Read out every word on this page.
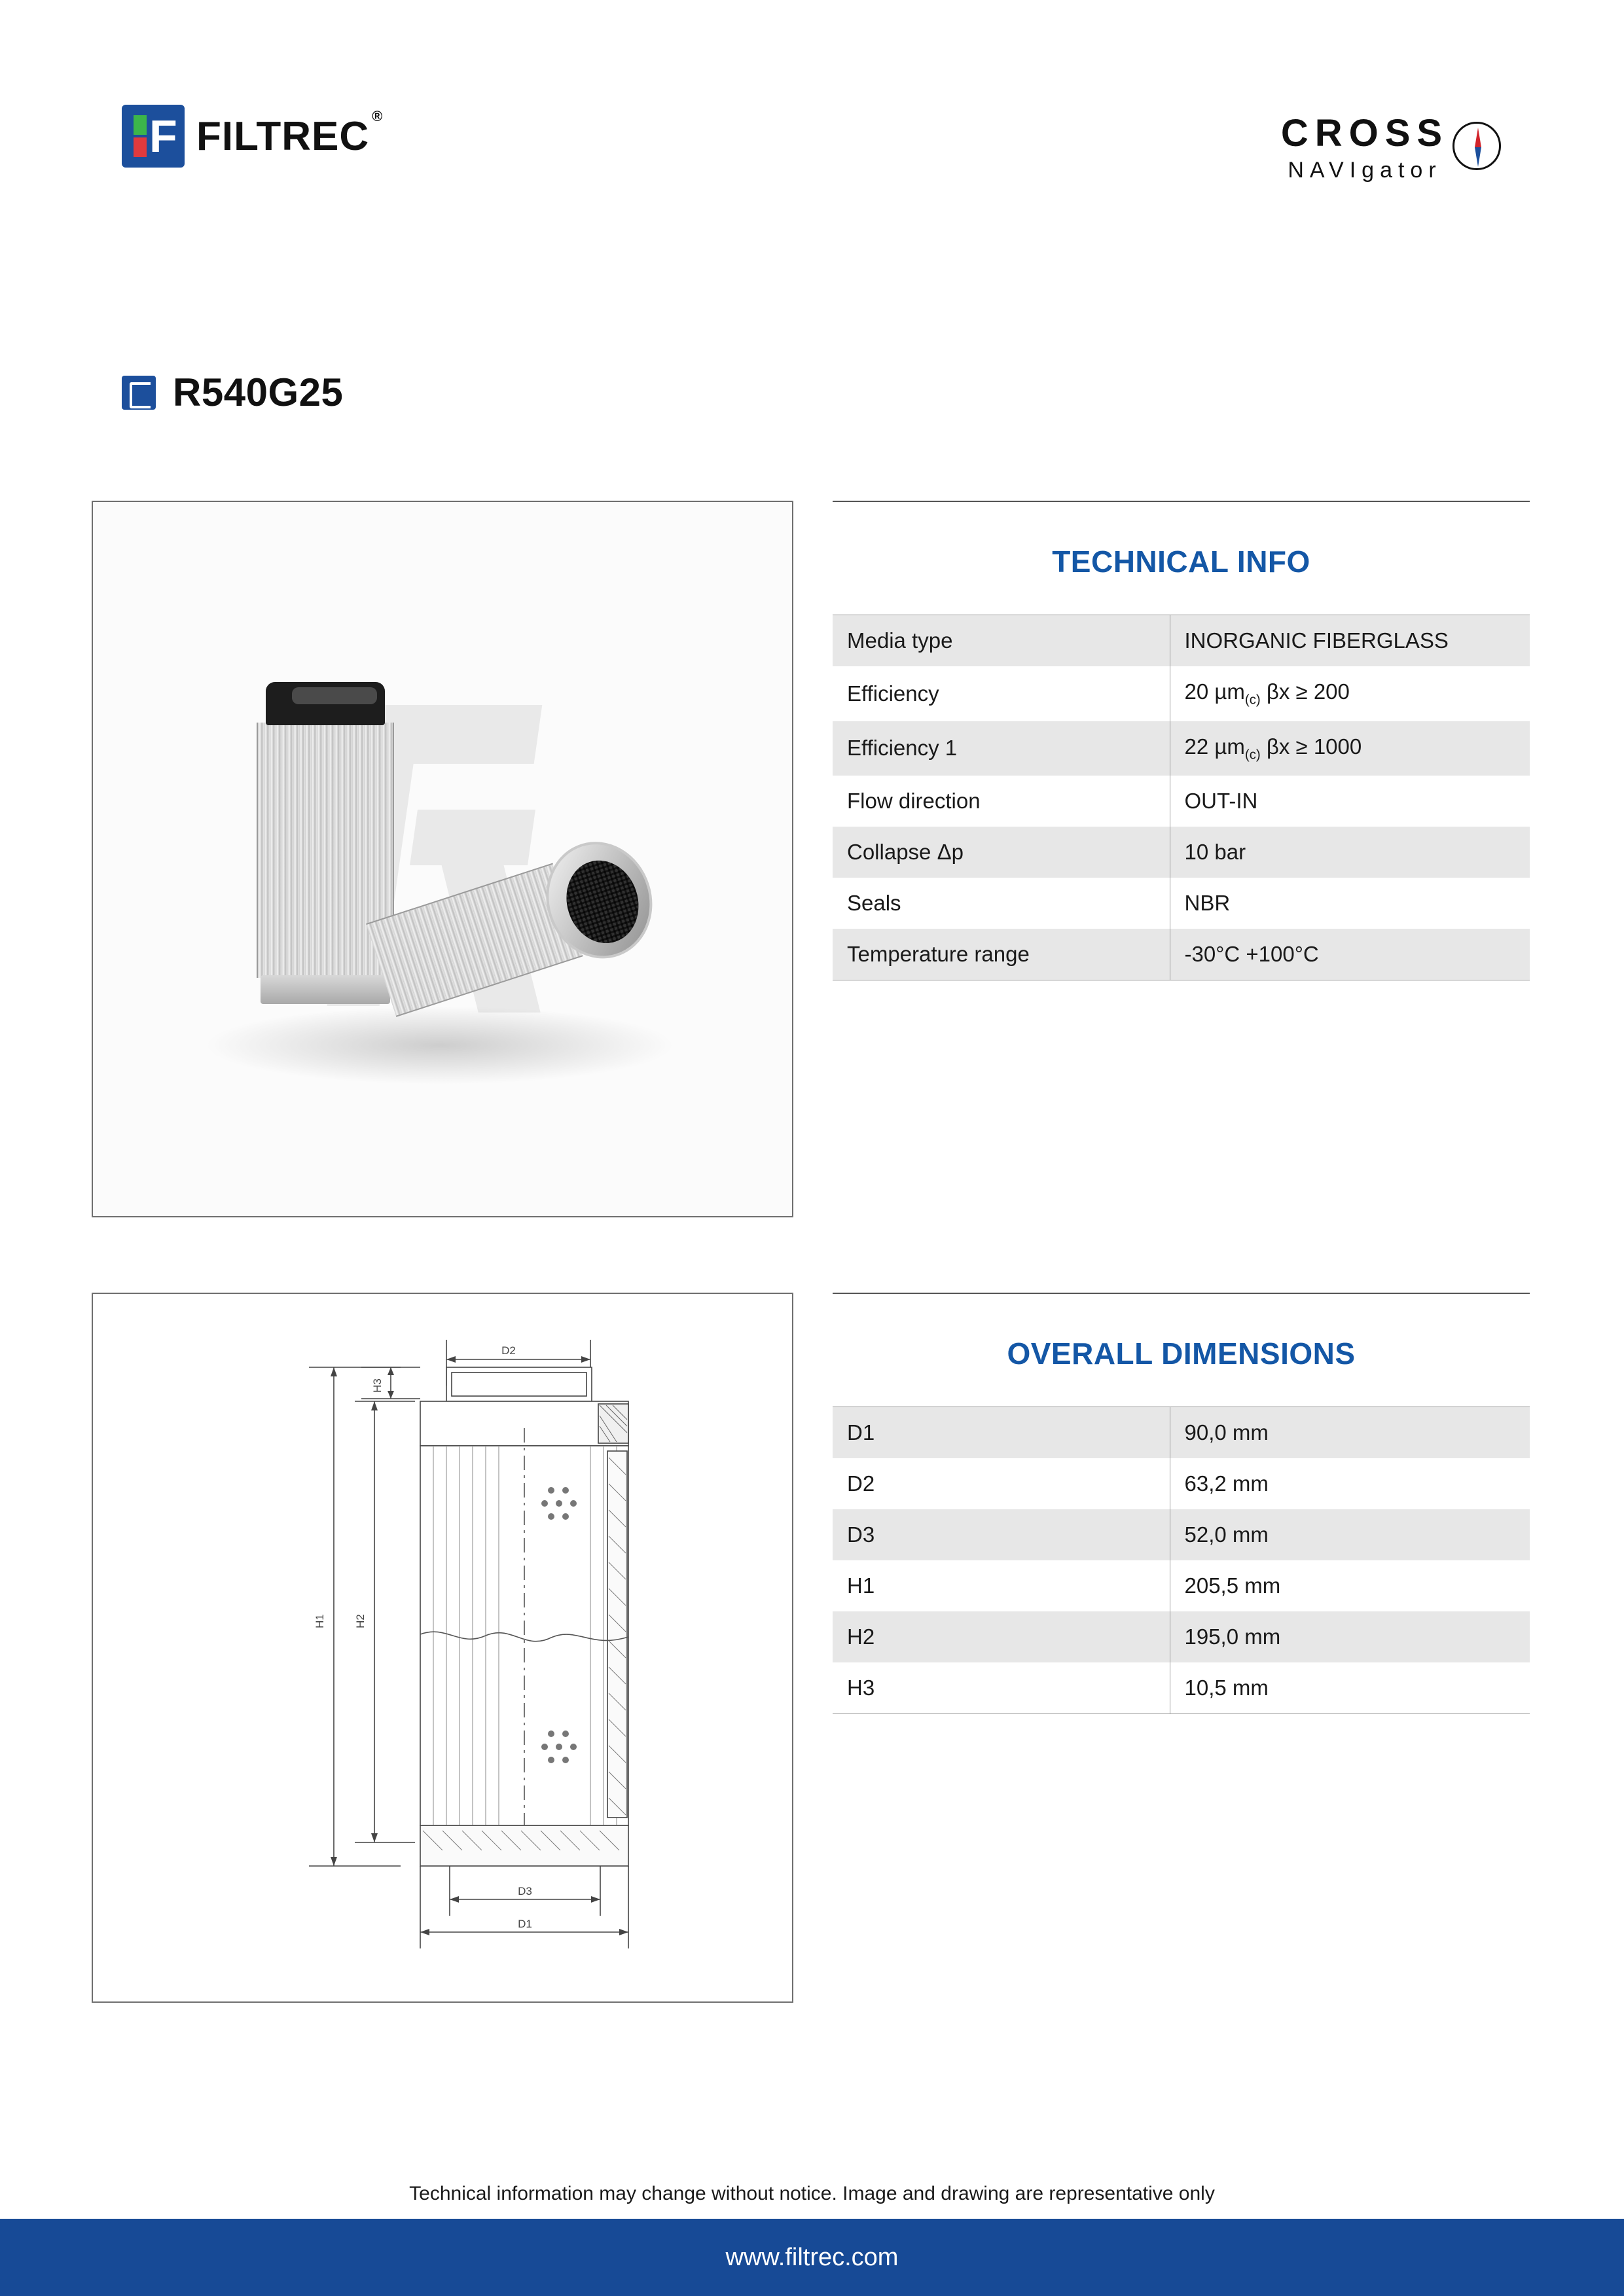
F FILTREC ®	CROSS
NAVIgator
R540G25
TECHNICAL INFO
Media type	INORGANIC FIBERGLASS
Efficiency	20 µm$_{(c)}$ βx ≥ 200
Efficiency 1	22 µm$_{(c)}$ βx ≥ 1000
Flow direction	OUT-IN
Collapse Δp	10 bar
Seals	NBR
Temperature range	-30°C +100°C
D2
H3
H1	H2
D3
D1
OVERALL DIMENSIONS
D1	90,0 mm
D2	63,2 mm
D3	52,0 mm
H1	205,5 mm
H2	195,0 mm
H3	10,5 mm
Technical information may change without notice. Image and drawing are representative only
www.filtrec.com
